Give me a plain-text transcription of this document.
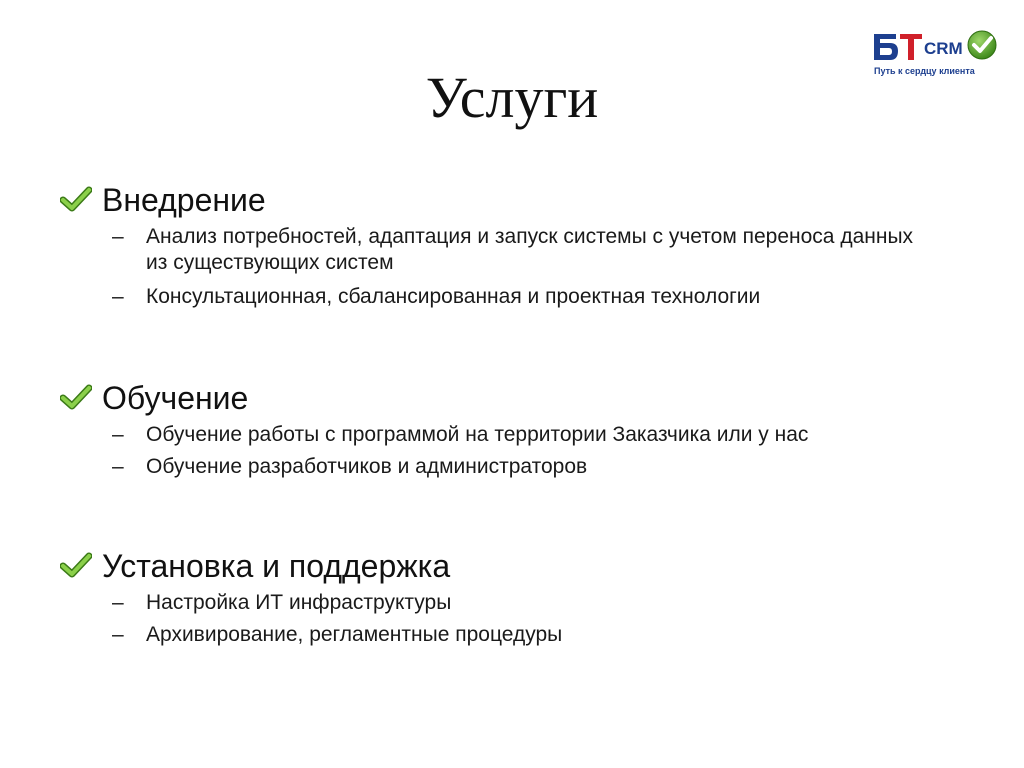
CRM
Путь к сердцу клиента
Услуги
Внедрение
– Анализ потребностей, адаптация и запуск системы с учетом переноса данных из существующих систем
– Консультационная, сбалансированная и проектная технологии
Обучение
– Обучение работы с программой на территории Заказчика или у нас
– Обучение разработчиков и администраторов
Установка и поддержка
– Настройка ИТ инфраструктуры
– Архивирование, регламентные процедуры
